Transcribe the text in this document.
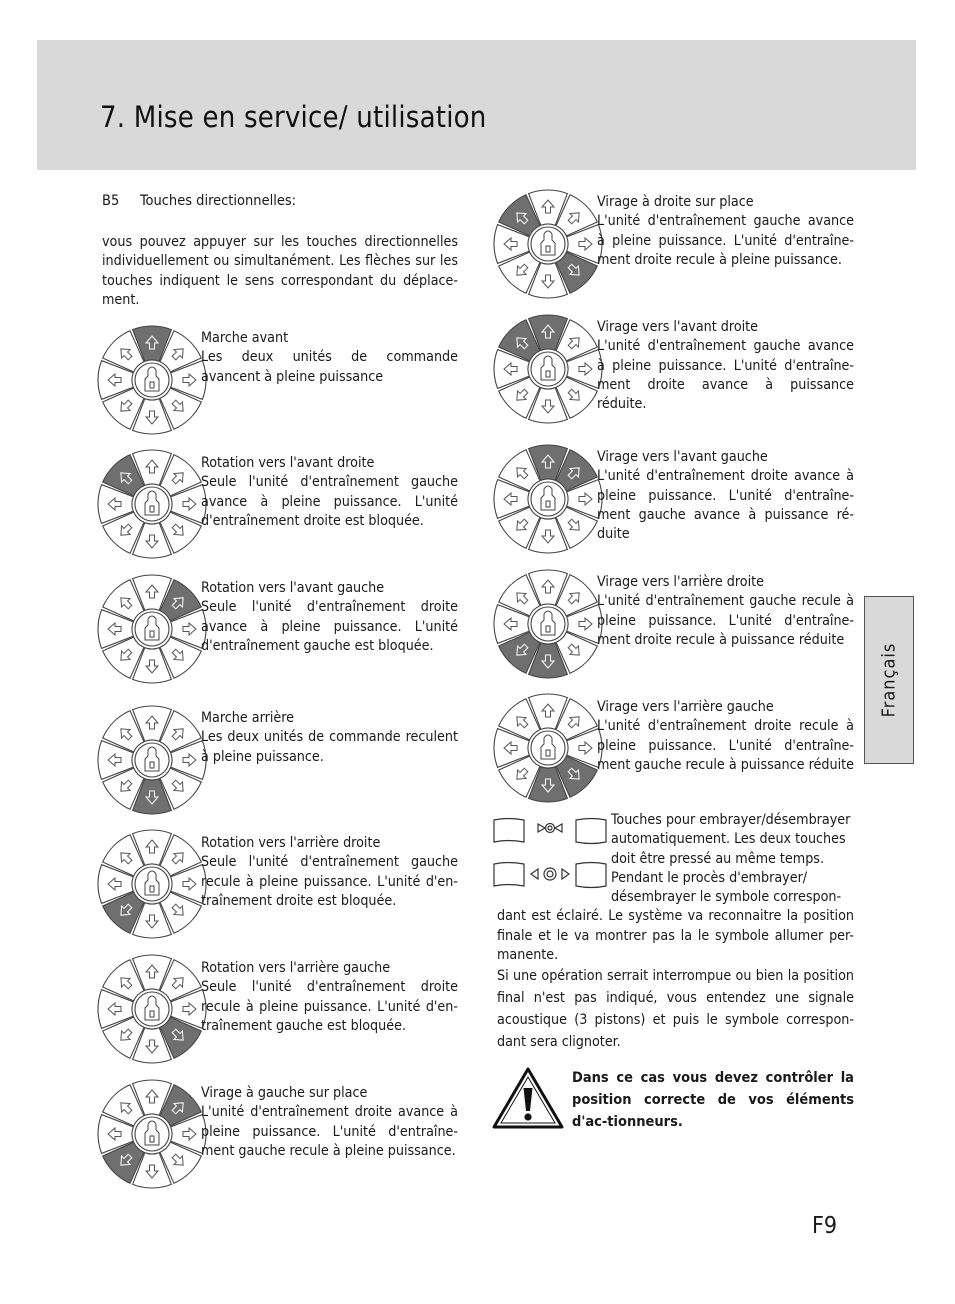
7. Mise en service/ utilisation
Français
B5 Touches directionnelles:
vous pouvez appuyer sur les touches directionnelles individuellement ou simultanément. Les flèches sur les touches indiquent le sens correspondant du déplace-ment.

Marche avant

Les deux unités de commande avancent à pleine puissance

Rotation vers l'avant droite

Seule l'unité d'entraînement gauche avance à pleine puissance. L'unité d'entraînement droite est bloquée.

Rotation vers l'avant gauche

Seule l'unité d'entraînement droite avance à pleine puissance. L'unité d'entraînement gauche est bloquée.

Marche arrière

Les deux unités de commande reculent à pleine puissance.

Rotation vers l'arrière droite

Seule l'unité d'entraînement gauche recule à pleine puissance. L'unité d'en-traînement droite est bloquée.

Rotation vers l'arrière gauche

Seule l'unité d'entraînement droite recule à pleine puissance. L'unité d'en-traînement gauche est bloquée.

Virage à gauche sur place

L'unité d'entraînement droite avance à pleine puissance. L'unité d'entraîne-ment gauche recule à pleine puissance.

Virage à droite sur place

L'unité d'entraînement gauche avance à pleine puissance. L'unité d'entraîne-ment droite recule à pleine puissance.

Virage vers l'avant droite

L'unité d'entraînement gauche avance à pleine puissance. L'unité d'entraîne-ment droite avance à puissance réduite.

Virage vers l'avant gauche

L'unité d'entraînement droite avance à pleine puissance. L'unité d'entraîne-ment gauche avance à puissance ré-duite

Virage vers l'arrière droite

L'unité d'entraînement gauche recule à pleine puissance. L'unité d'entraîne-ment droite recule à puissance réduite

Virage vers l'arrière gauche

L'unité d'entraînement droite recule à pleine puissance. L'unité d'entraîne-ment gauche recule à puissance réduite

Touches pour embrayer/désembrayer

automatiquement. Les deux touches

doit être pressé au même temps.

Pendant le procès d'embrayer/

désembrayer le symbole correspon-

dant est éclairé. Le système va reconnaitre la position finale et le va montrer pas la le symbole allumer per-manente.

Si une opération serrait interrompue ou bien la position final n'est pas indiqué, vous entendez une signale acoustique (3 pistons) et puis le symbole correspon-dant sera clignoter.

Dans ce cas vous devez contrôler la position correcte de vos éléments d'ac-tionneurs.
F9
